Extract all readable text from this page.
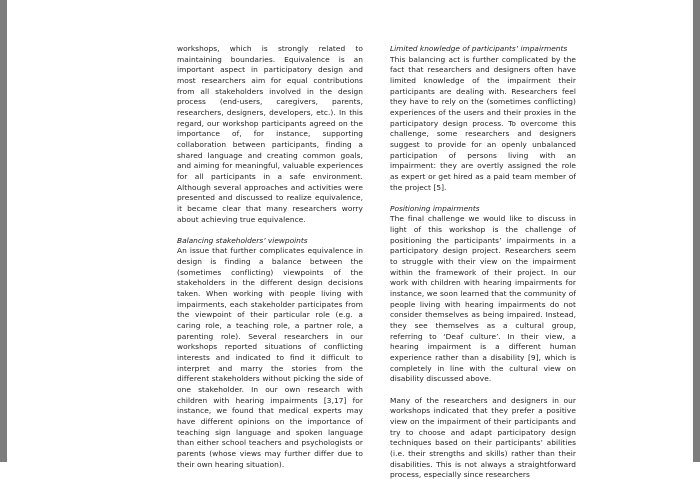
workshops, which is strongly related to maintaining boundaries. Equivalence is an important aspect in participatory design and most researchers aim for equal contributions from all stakeholders involved in the design process (end-users, caregivers, parents, researchers, designers, developers, etc.). In this regard, our workshop participants agreed on the importance of, for instance, supporting collaboration between participants, finding a shared language and creating common goals, and aiming for meaningful, valuable experiences for all participants in a safe environment. Although several approaches and activities were presented and discussed to realize equivalence, it became clear that many researchers worry about achieving true equivalence.

Balancing stakeholders’ viewpoints

An issue that further complicates equivalence in design is finding a balance between the (sometimes conflicting) viewpoints of the stakeholders in the different design decisions taken. When working with people living with impairments, each stakeholder participates from the viewpoint of their particular role (e.g. a caring role, a teaching role, a partner role, a parenting role). Several researchers in our workshops reported situations of conflicting interests and indicated to find it difficult to interpret and marry the stories from the different stakeholders without picking the side of one stakeholder. In our own research with children with hearing impairments [3,17] for instance, we found that medical experts may have different opinions on the importance of teaching sign language and spoken language than either school teachers and psychologists or parents (whose views may further differ due to their own hearing situation).

Limited knowledge of participants’ impairments

This balancing act is further complicated by the fact that researchers and designers often have limited knowledge of the impairment their participants are dealing with. Researchers feel they have to rely on the (sometimes conflicting) experiences of the users and their proxies in the participatory design process. To overcome this challenge, some researchers and designers suggest to provide for an openly unbalanced participation of persons living with an impairment: they are overtly assigned the role as expert or get hired as a paid team member of the project [5].

Positioning impairments

The final challenge we would like to discuss in light of this workshop is the challenge of positioning the participants’ impairments in a participatory design project. Researchers seem to struggle with their view on the impairment within the framework of their project. In our work with children with hearing impairments for instance, we soon learned that the community of people living with hearing impairments do not consider themselves as being impaired. Instead, they see themselves as a cultural group, referring to ‘Deaf culture’. In their view, a hearing impairment is a different human experience rather than a disability [9], which is completely in line with the cultural view on disability discussed above.

Many of the researchers and designers in our workshops indicated that they prefer a positive view on the impairment of their participants and try to choose and adapt participatory design techniques based on their participants’ abilities (i.e. their strengths and skills) rather than their disabilities. This is not always a straightforward process, especially since researchers
